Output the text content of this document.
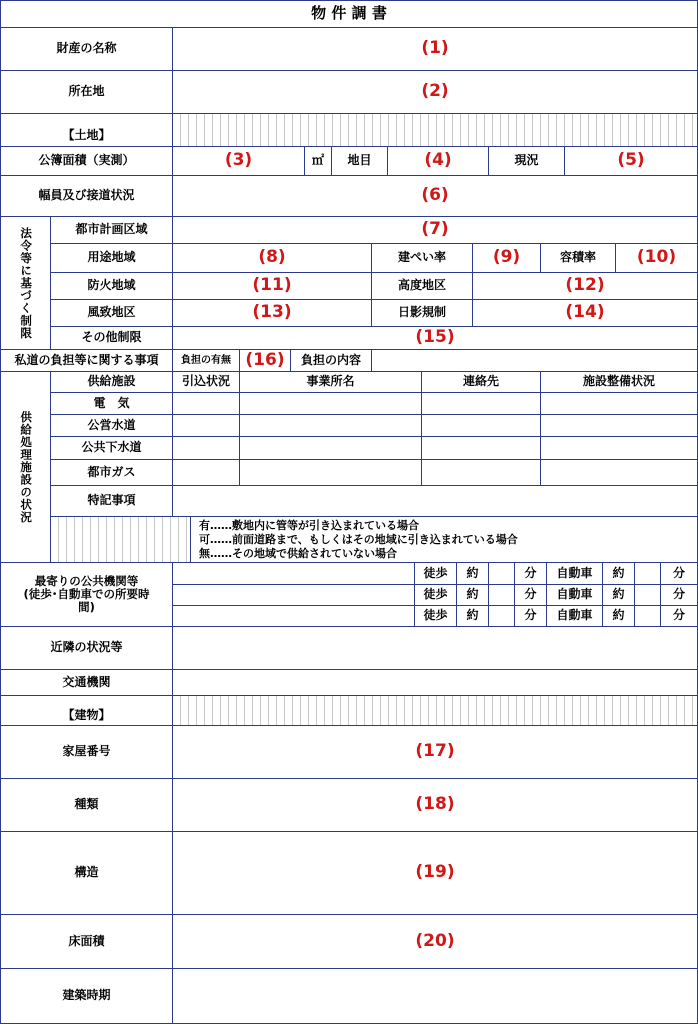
物 件 調 書
財産の名称	(1)
所在地	(2)
【土地】
公簿面積（実測）	(3)	㎡	地目	(4)	現況	(5)
幅員及び接道状況	(6)
法令等に基づく制限	都市計画区域	(7)
用途地域	(8)	建ぺい率	(9)	容積率	(10)
防火地域	(11)	高度地区	(12)
風致地区	(13)	日影規制	(14)
その他制限	(15)
私道の負担等に関する事項	負担の有無 (16)	負担の内容
供給処理施設の状況
供給施設	引込状況	事業所名	連絡先	施設整備状況
電　気
公営水道
公共下水道
都市ガス
特記事項
有……敷地内に管等が引き込まれている場合
可……前面道路まで、もしくはその地域に引き込まれている場合
無……その地域で供給されていない場合
最寄りの公共機関等
(徒歩･自動車での所要時
間)
徒歩	約	分	自動車	約	分
徒歩	約	分	自動車	約	分
徒歩	約	分	自動車	約	分
近隣の状況等
交通機関
【建物】
家屋番号	(17)
種類	(18)
構造	(19)
床面積	(20)
建築時期
